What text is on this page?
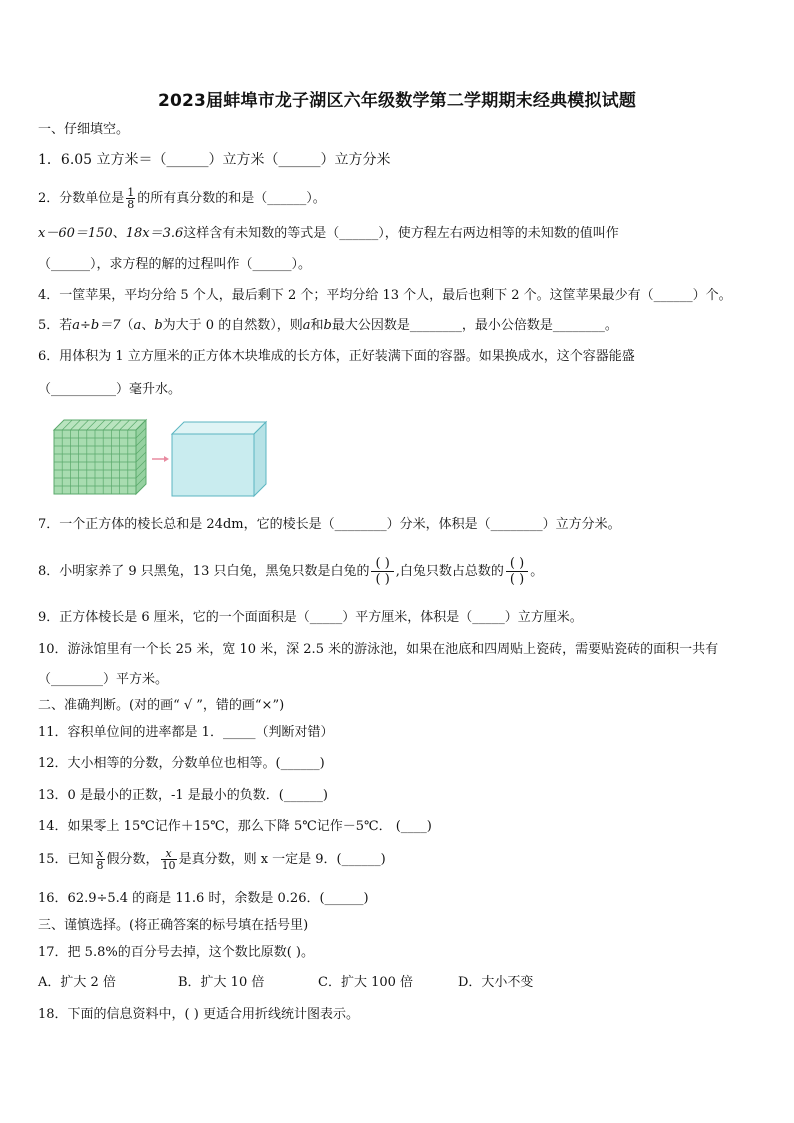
2023届蚌埠市龙子湖区六年级数学第二学期期末经典模拟试题
一、仔细填空。
1．6.05 立方米＝（______）立方米（______）立方分米
2．分数单位是 $\frac{1}{8}$ 的所有真分数的和是（______）。
x－60＝150、18x＝3.6这样含有未知数的等式是（______），使方程左右两边相等的未知数的值叫作
（______），求方程的解的过程叫作（______）。
4．一筐苹果，平均分给 5 个人，最后剩下 2 个；平均分给 13 个人，最后也剩下 2 个。这筐苹果最少有（______）个。
5．若a÷b＝7（a、b为大于 0 的自然数），则a和b最大公因数是________，最小公倍数是________。
6．用体积为 1 立方厘米的正方体木块堆成的长方体，正好装满下面的容器。如果换成水，这个容器能盛
（__________）毫升水。
7．一个正方体的棱长总和是 24dm，它的棱长是（________）分米，体积是（________）立方分米。
8．小明家养了 9 只黑兔，13 只白兔，黑兔只数是白兔的 $\frac{( )}{( )}$ ,白兔只数占总数的 $\frac{( )}{( )}$ 。
9．正方体棱长是 6 厘米，它的一个面面积是（_____）平方厘米，体积是（_____）立方厘米。
10．游泳馆里有一个长 25 米，宽 10 米，深 2.5 米的游泳池，如果在池底和四周贴上瓷砖，需要贴瓷砖的面积一共有
（________）平方米。
二、准确判断。(对的画“ √ ”，错的画“×”)
11．容积单位间的进率都是 1．_____（判断对错）
12．大小相等的分数，分数单位也相等。(______)
13．0 是最小的正数，-1 是最小的负数．(______)
14．如果零上 15℃记作＋15℃，那么下降 5℃记作－5℃． (____)
15．已知 $\frac{x}{8}$ 假分数， $\frac{x}{10}$ 是真分数，则 x 一定是 9．(______)
16．62.9÷5.4 的商是 11.6 时，余数是 0.26．(______)
三、谨慎选择。(将正确答案的标号填在括号里)
17．把 5.8%的百分号去掉，这个数比原数( )。
A．扩大 2 倍	B．扩大 10 倍	C．扩大 100 倍	D．大小不变
18．下面的信息资料中，( ) 更适合用折线统计图表示。
